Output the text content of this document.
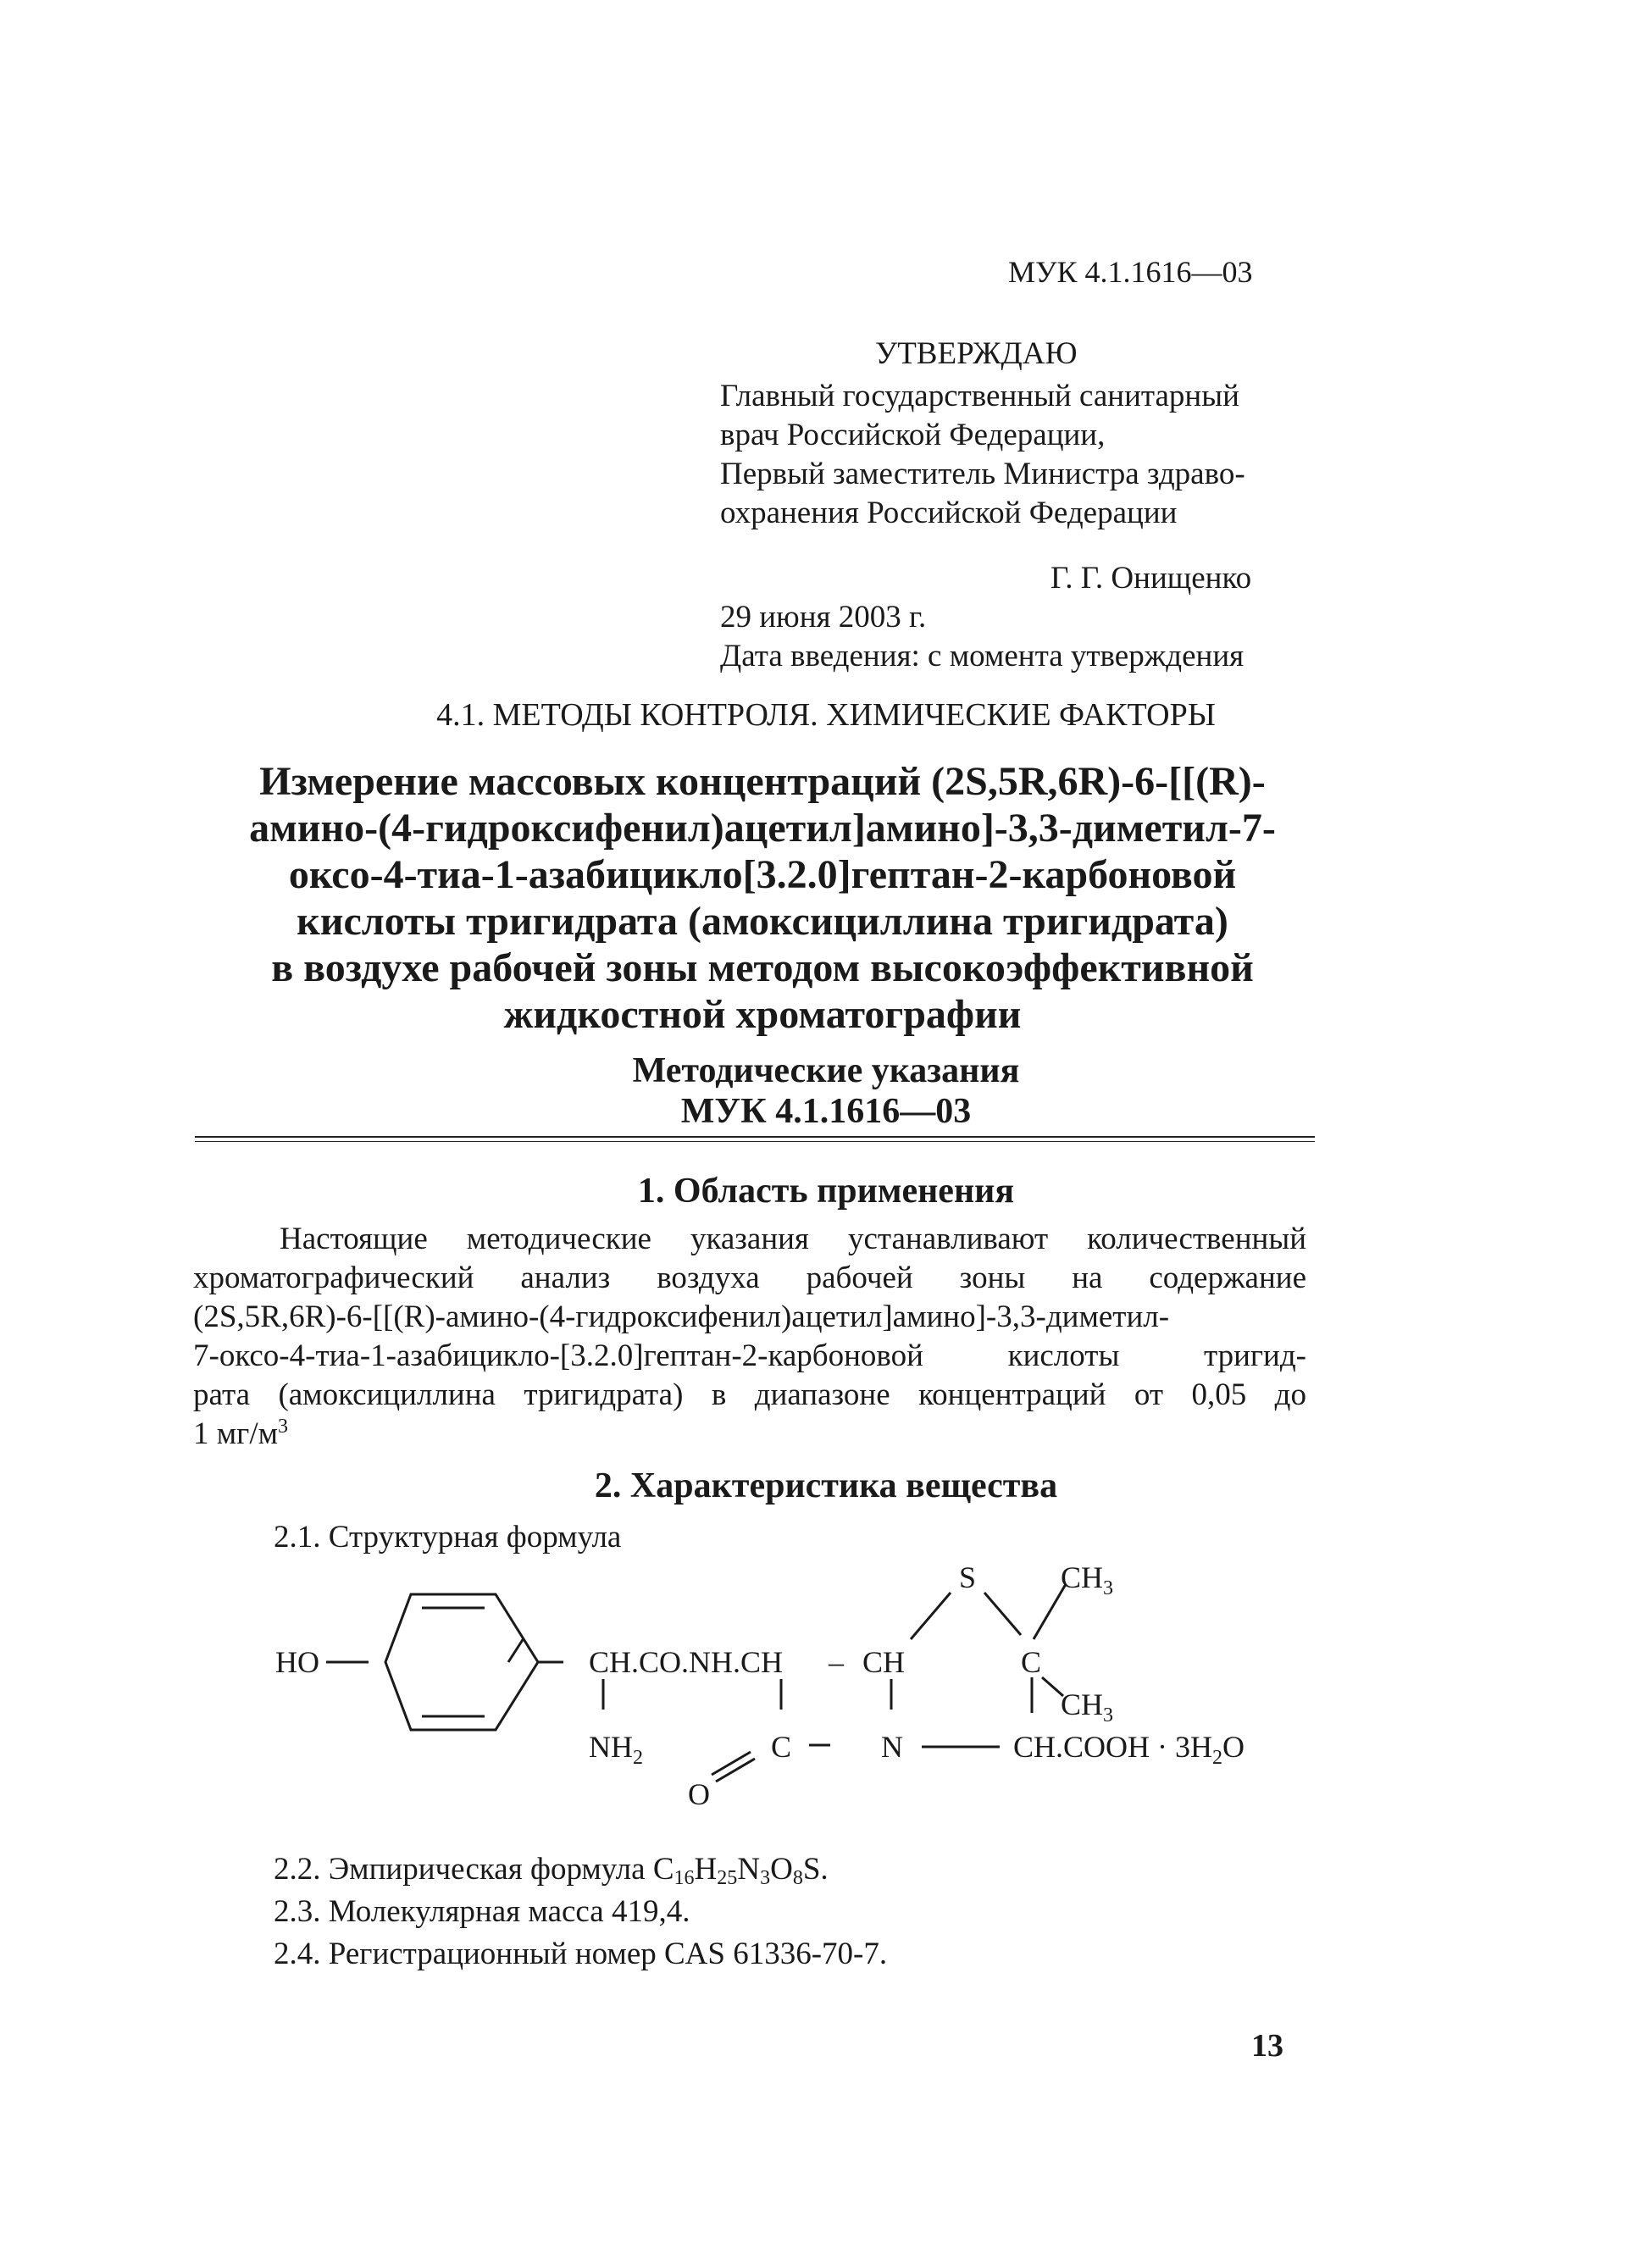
МУК 4.1.1616—03
УТВЕРЖДАЮ
Главный государственный санитарный
врач Российской Федерации,
Первый заместитель Министра здраво-
охранения Российской Федерации
Г. Г. Онищенко
29 июня 2003 г.
Дата введения: с момента утверждения
4.1. МЕТОДЫ КОНТРОЛЯ. ХИМИЧЕСКИЕ ФАКТОРЫ
Измерение массовых концентраций (2S,5R,6R)-6-[[(R)-
амино-(4-гидроксифенил)ацетил]амино]-3,3-диметил-7-
оксо-4-тиа-1-азабицикло[3.2.0]гептан-2-карбоновой
кислоты тригидрата (амоксициллина тригидрата)
в воздухе рабочей зоны методом высокоэффективной
жидкостной хроматографии
Методические указания
МУК 4.1.1616—03
1. Область применения
Настоящие методические указания устанавливают количественный
хроматографический анализ воздуха рабочей зоны на содержание
(2S,5R,6R)-6-[[(R)-амино-(4-гидроксифенил)ацетил]амино]-3,3-диметил-
7-оксо-4-тиа-1-азабицикло-[3.2.0]гептан-2-карбоновой кислоты тригид-
рата (амоксициллина тригидрата) в диапазоне концентраций от 0,05 до
1 $мг/м^3$
2. Характеристика вещества
2.1. Структурная формула
HO
S	$CH_3$
CH.CO.NH.CH – CH	C
$CH_3$
$NH_2$	C	N	CH.COOH · $3H_2O$
O
2.2. Эмпирическая формула $C_{16}H_{25}N_3O_8S$.
2.3. Молекулярная масса 419,4.
2.4. Регистрационный номер CAS 61336-70-7.
13
